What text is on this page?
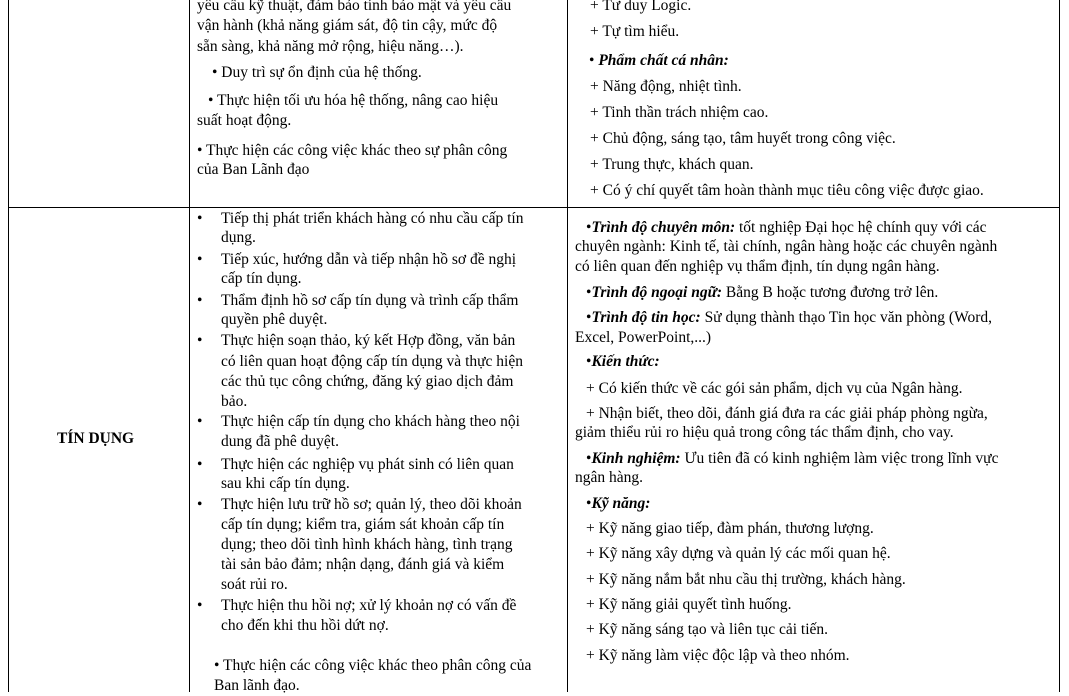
yêu cầu kỹ thuật, đảm bảo tính bảo mật và yêu cầu
vận hành (khả năng giám sát, độ tin cậy, mức độ
sẵn sàng, khả năng mở rộng, hiệu năng…).
• Duy trì sự ổn định của hệ thống.
• Thực hiện tối ưu hóa hệ thống, nâng cao hiệu
suất hoạt động.
• Thực hiện các công việc khác theo sự phân công
của Ban Lãnh đạo
+ Tư duy Logic.
+ Tự tìm hiểu.
• Phẩm chất cá nhân:
+ Năng động, nhiệt tình.
+ Tinh thần trách nhiệm cao.
+ Chủ động, sáng tạo, tâm huyết trong công việc.
+ Trung thực, khách quan.
+ Có ý chí quyết tâm hoàn thành mục tiêu công việc được giao.
TÍN DỤNG
•
•
•
•
•
•
•
•
Tiếp thị phát triển khách hàng có nhu cầu cấp tín
dụng.
Tiếp xúc, hướng dẫn và tiếp nhận hồ sơ đề nghị
cấp tín dụng.
Thẩm định hồ sơ cấp tín dụng và trình cấp thẩm
quyền phê duyệt.
Thực hiện soạn thảo, ký kết Hợp đồng, văn bản
có liên quan hoạt động cấp tín dụng và thực hiện
các thủ tục công chứng, đăng ký giao dịch đảm
bảo.
Thực hiện cấp tín dụng cho khách hàng theo nội
dung đã phê duyệt.
Thực hiện các nghiệp vụ phát sinh có liên quan
sau khi cấp tín dụng.
Thực hiện lưu trữ hồ sơ; quản lý, theo dõi khoản
cấp tín dụng; kiểm tra, giám sát khoản cấp tín
dụng; theo dõi tình hình khách hàng, tình trạng
tài sản bảo đảm; nhận dạng, đánh giá và kiểm
soát rủi ro.
Thực hiện thu hồi nợ; xử lý khoản nợ có vấn đề
cho đến khi thu hồi dứt nợ.
• Thực hiện các công việc khác theo phân công của
Ban lãnh đạo.
•Trình độ chuyên môn: tốt nghiệp Đại học hệ chính quy với các
chuyên ngành: Kinh tế, tài chính, ngân hàng hoặc các chuyên ngành
có liên quan đến nghiệp vụ thẩm định, tín dụng ngân hàng.
•Trình độ ngoại ngữ: Bằng B hoặc tương đương trở lên.
•Trình độ tin học: Sử dụng thành thạo Tin học văn phòng (Word,
Excel, PowerPoint,...)
•Kiến thức:
+ Có kiến thức về các gói sản phẩm, dịch vụ của Ngân hàng.
+ Nhận biết, theo dõi, đánh giá đưa ra các giải pháp phòng ngừa,
giảm thiểu rủi ro hiệu quả trong công tác thẩm định, cho vay.
•Kinh nghiệm: Ưu tiên đã có kinh nghiệm làm việc trong lĩnh vực
ngân hàng.
•Kỹ năng:
+ Kỹ năng giao tiếp, đàm phán, thương lượng.
+ Kỹ năng xây dựng và quản lý các mối quan hệ.
+ Kỹ năng nắm bắt nhu cầu thị trường, khách hàng.
+ Kỹ năng giải quyết tình huống.
+ Kỹ năng sáng tạo và liên tục cải tiến.
+ Kỹ năng làm việc độc lập và theo nhóm.
